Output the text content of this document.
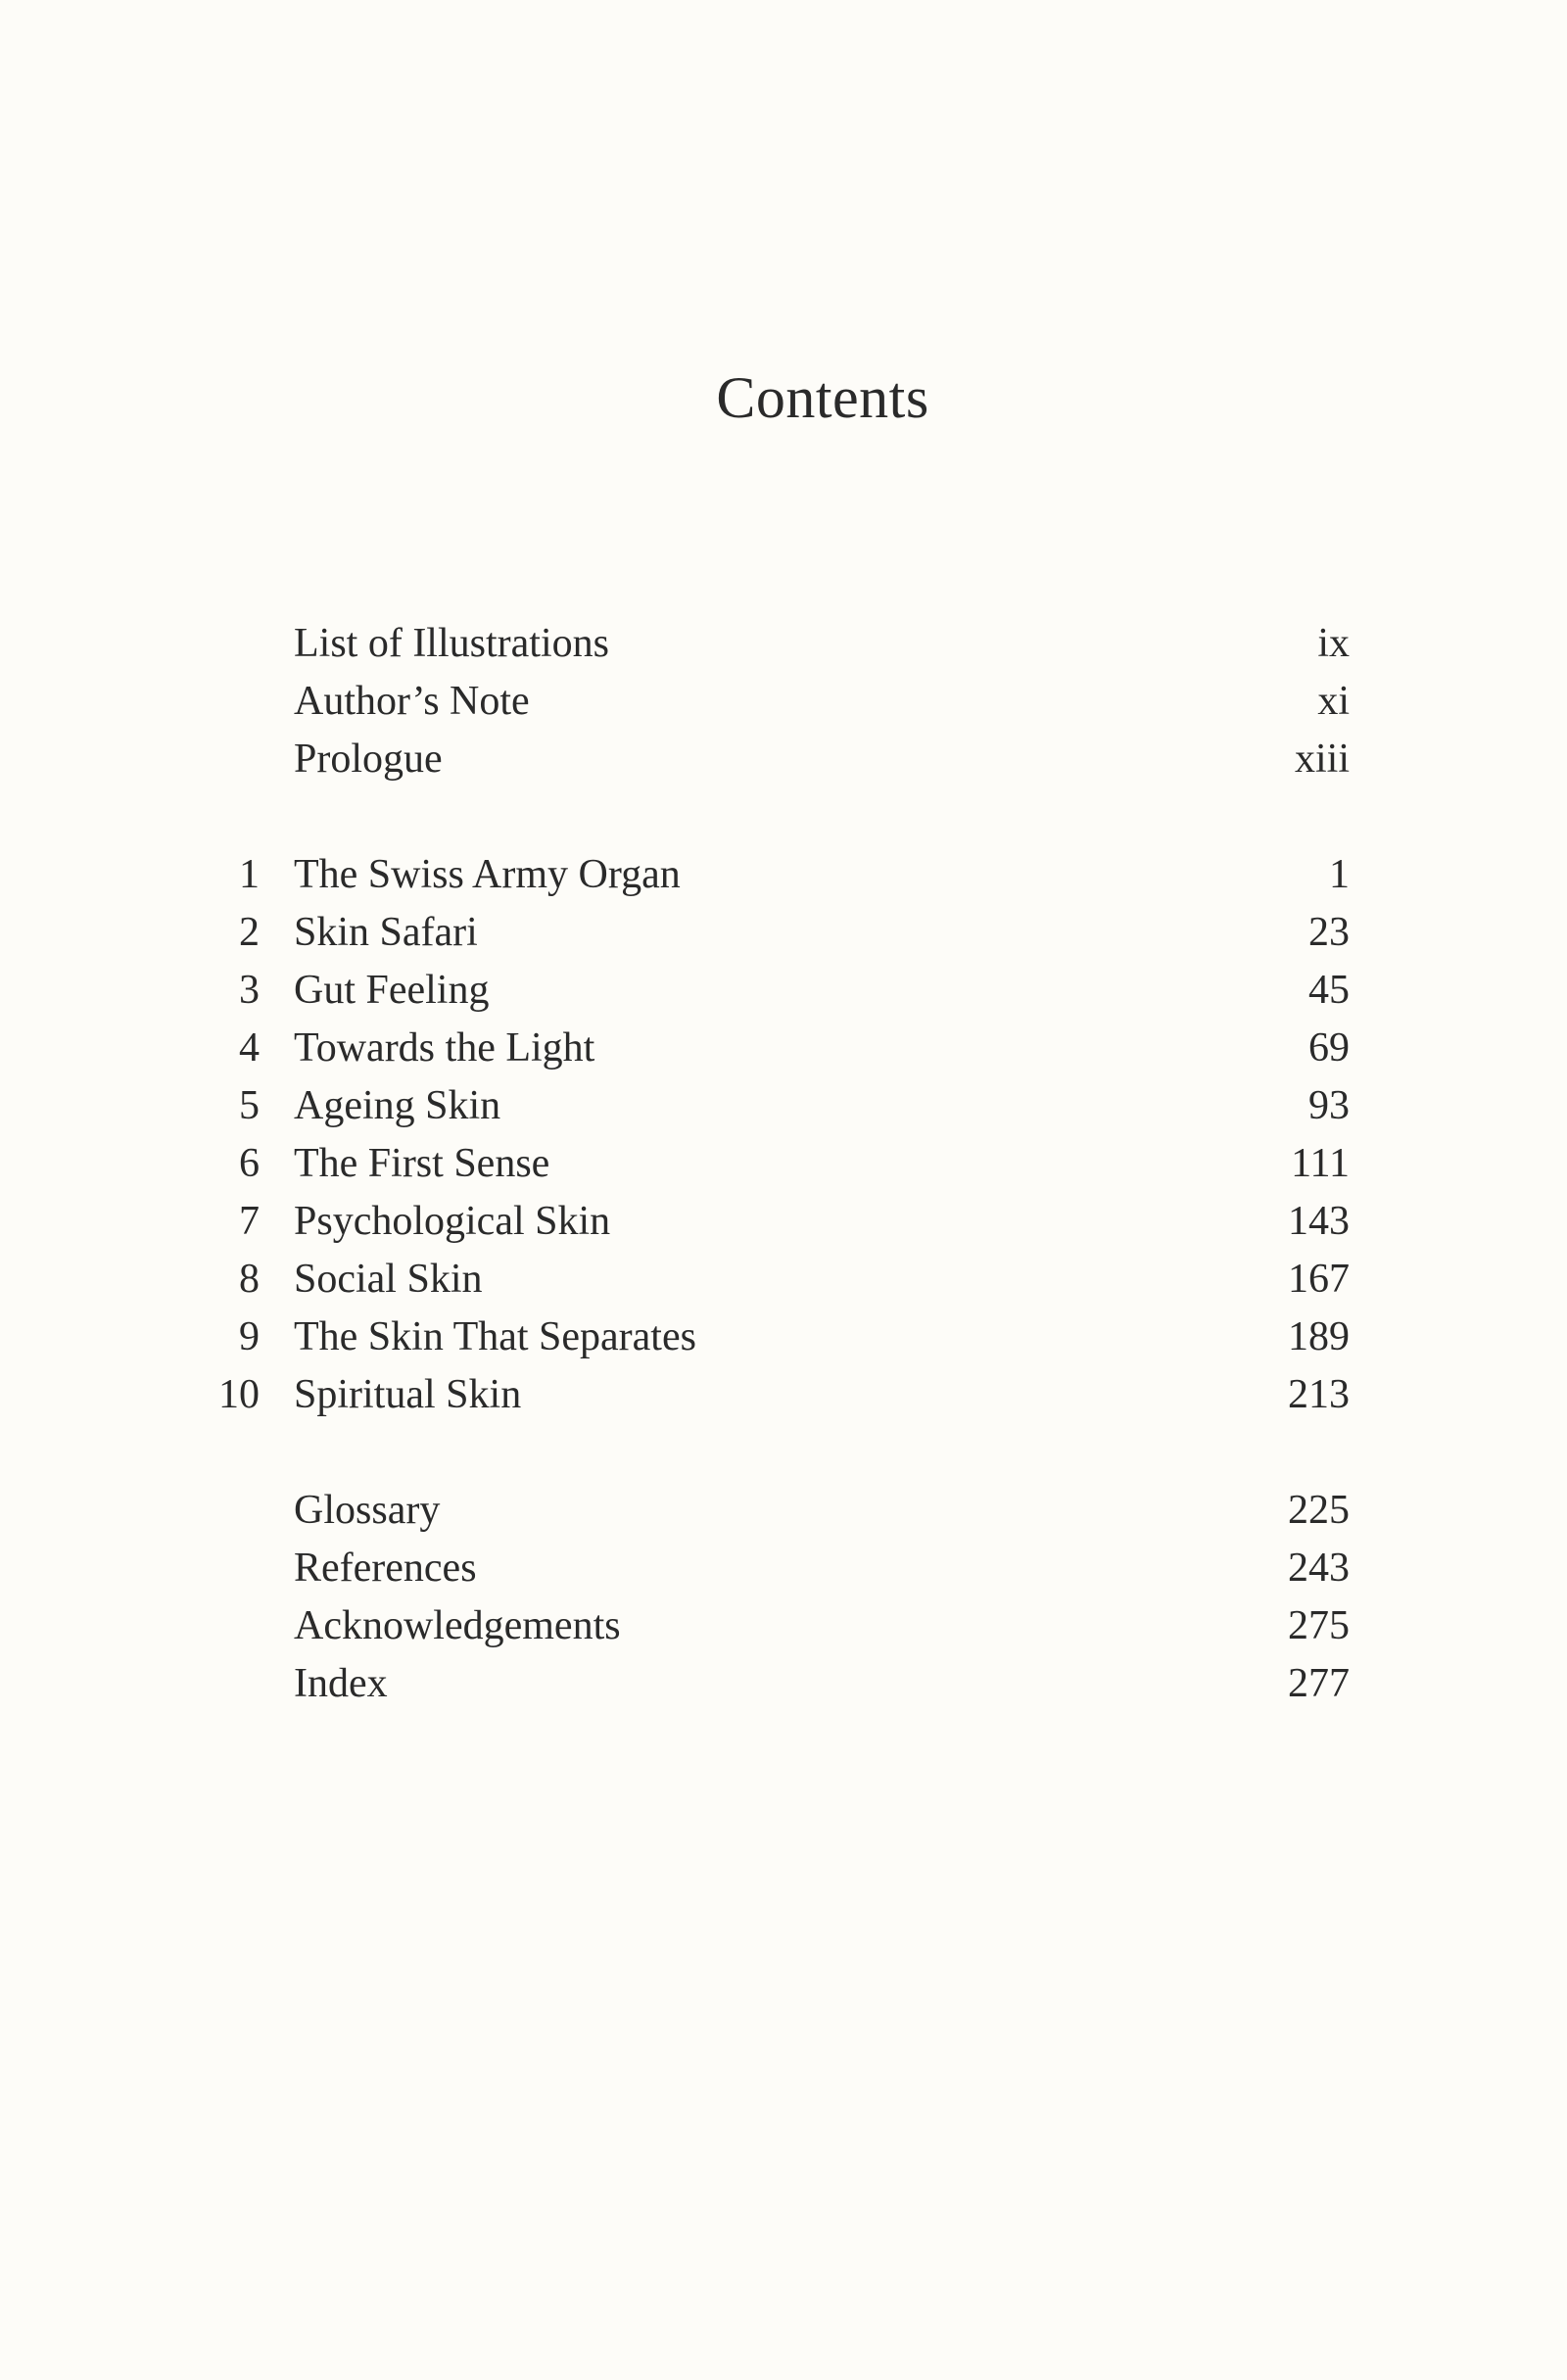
Contents
List of Illustrations	ix
Author’s Note	xi
Prologue	xiii
1 The Swiss Army Organ	1
2 Skin Safari	23
3 Gut Feeling	45
4 Towards the Light	69
5 Ageing Skin	93
6 The First Sense	111
7 Psychological Skin	143
8 Social Skin	167
9 The Skin That Separates	189
10 Spiritual Skin	213
Glossary	225
References	243
Acknowledgements	275
Index	277
